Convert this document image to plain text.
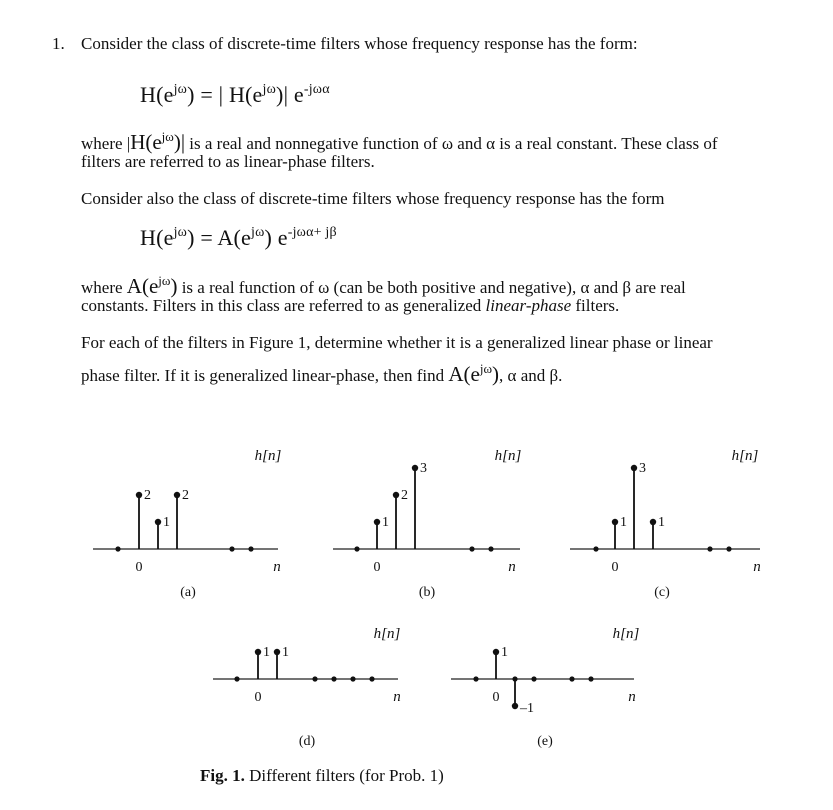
1. Consider the class of discrete-time filters whose frequency response has the form:
$H(e^{j\omega})$ = | $H(e^{j\omega})|$ $e^{-j\omega\alpha}$
where $|H(e^{j\omega})|$ is a real and nonnegative function of ω and α is a real constant. These class of
filters are referred to as linear-phase filters.
Consider also the class of discrete-time filters whose frequency response has the form
$H(e^{j\omega}) = A(e^{j\omega})$ $e^{-j\omega\alpha+ j\beta}$
where $A(e^{j\omega})$ is a real function of ω (can be both positive and negative), α and β are real
constants. Filters in this class are referred to as generalized linear-phase filters.
For each of the filters in Figure 1, determine whether it is a generalized linear phase or linear
phase filter. If it is generalized linear-phase, then find $A(e^{j\omega})$, α and β.
2
1
2
0	n
h[n]
(a)
1
2
3
0	n
h[n]
(b)
1
3
1
0	n
h[n]
(c)
1 1
0	n
h[n]
(d)
1
–1
0	n
h[n]
(e)
Fig. 1. Different filters (for Prob. 1)
